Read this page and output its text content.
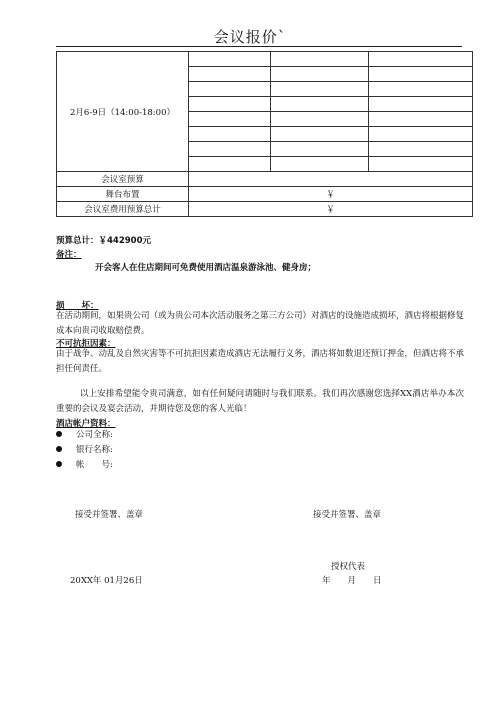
会议报价`
2月6-9日（14:00-18:00）			

会议室预算			
舞台布置	￥		
会议室费用预算总计	￥		
预算总计：￥442900元
备注：
开会客人在住店期间可免费使用酒店温泉游泳池、健身房；
损　　坏：
在活动期间，如果贵公司（或为贵公司本次活动服务之第三方公司）对酒店的设施造成损坏，酒店将根据修复成本向贵司收取赔偿费。
不可抗拒因素：
由于战争、动乱及自然灾害等不可抗拒因素造成酒店无法履行义务，酒店将如数退还预订押金，但酒店将不承担任何责任。
以上安排希望能令贵司满意，如有任何疑问请随时与我们联系。我们再次感谢您选择XX酒店举办本次重要的会议及宴会活动，并期待您及您的客人光临！
酒店帐户资料：
公司全称:
银行名称:
帐　　号:
接受并签署、盖章	接受并签署、盖章
授权代表
20XX年 01月26日	年　　月　　日
